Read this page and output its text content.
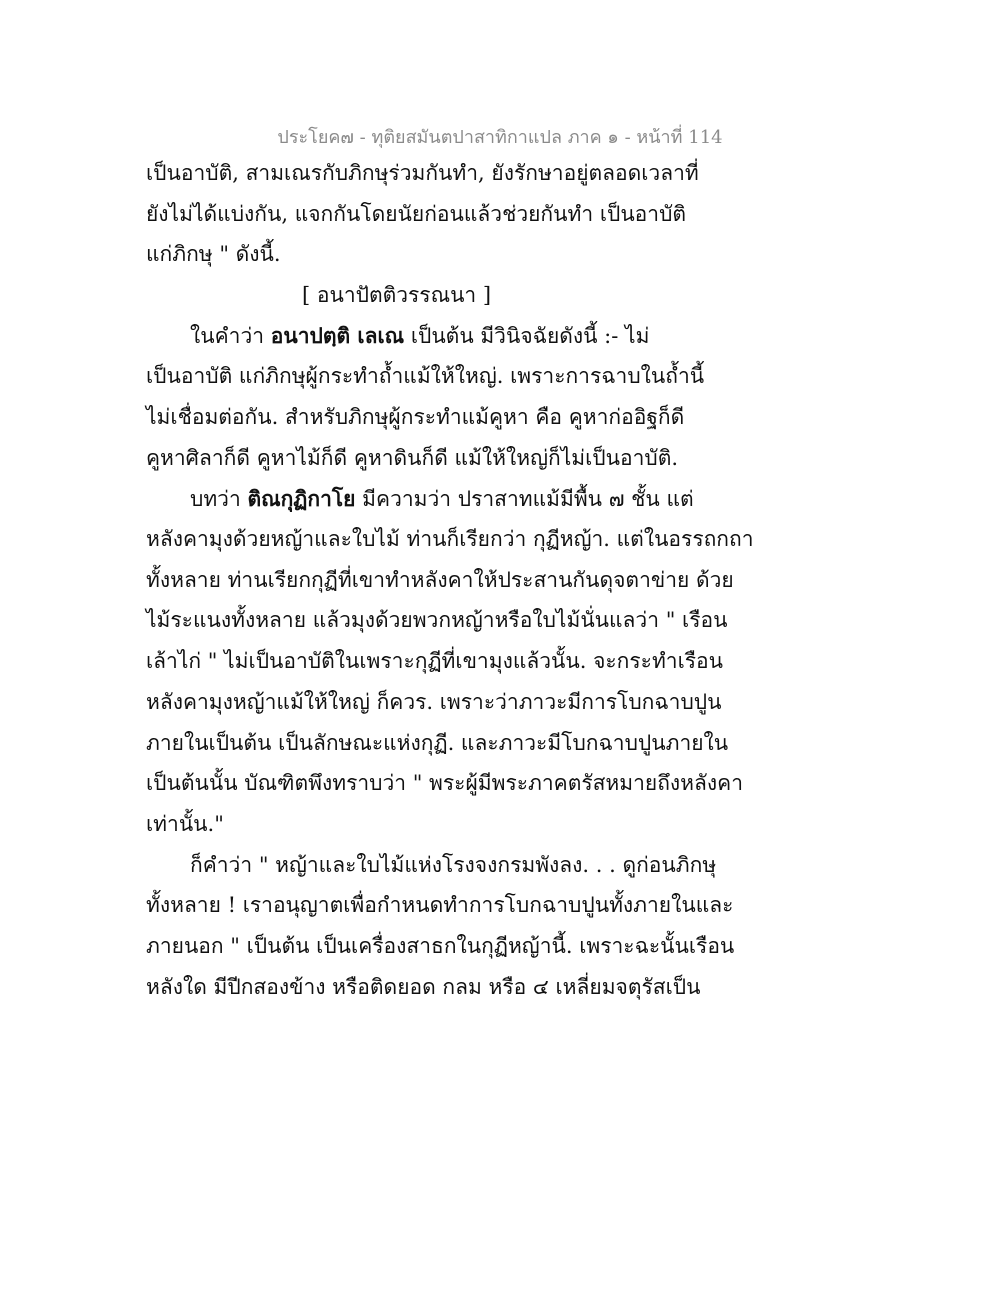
ประโยค๗ - ทุติยสมันตปาสาทิกาแปล ภาค ๑ - หน้าที่ 114
เป็นอาบัติ, สามเณรกับภิกษุร่วมกันทำ, ยังรักษาอยู่ตลอดเวลาที่
ยังไม่ได้แบ่งกัน, แจกกันโดยนัยก่อนแล้วช่วยกันทำ เป็นอาบัติ
แก่ภิกษุ " ดังนี้.
[ อนาปัตติวรรณนา ]
ในคำว่า อนาปตฺติ เลเณ เป็นต้น มีวินิจฉัยดังนี้ :- ไม่
เป็นอาบัติ แก่ภิกษุผู้กระทำถ้ำแม้ให้ใหญ่. เพราะการฉาบในถ้ำนี้
ไม่เชื่อมต่อกัน. สำหรับภิกษุผู้กระทำแม้คูหา คือ คูหาก่ออิฐก็ดี
คูหาศิลาก็ดี คูหาไม้ก็ดี คูหาดินก็ดี แม้ให้ใหญ่ก็ไม่เป็นอาบัติ.
บทว่า ติณกุฏิกาโย มีความว่า ปราสาทแม้มีพื้น ๗ ชั้น แต่
หลังคามุงด้วยหญ้าและใบไม้ ท่านก็เรียกว่า กุฏีหญ้า. แต่ในอรรถกถา
ทั้งหลาย ท่านเรียกกุฏีที่เขาทำหลังคาให้ประสานกันดุจตาข่าย ด้วย
ไม้ระแนงทั้งหลาย แล้วมุงด้วยพวกหญ้าหรือใบไม้นั่นแลว่า " เรือน
เล้าไก่ " ไม่เป็นอาบัติในเพราะกุฏีที่เขามุงแล้วนั้น. จะกระทำเรือน
หลังคามุงหญ้าแม้ให้ใหญ่ ก็ควร. เพราะว่าภาวะมีการโบกฉาบปูน
ภายในเป็นต้น เป็นลักษณะแห่งกุฏี. และภาวะมีโบกฉาบปูนภายใน
เป็นต้นนั้น บัณฑิตพึงทราบว่า " พระผู้มีพระภาคตรัสหมายถึงหลังคา
เท่านั้น."
ก็คำว่า " หญ้าและใบไม้แห่งโรงจงกรมพังลง. . . ดูก่อนภิกษุ
ทั้งหลาย ! เราอนุญาตเพื่อกำหนดทำการโบกฉาบปูนทั้งภายในและ
ภายนอก " เป็นต้น เป็นเครื่องสาธกในกุฏีหญ้านี้. เพราะฉะนั้นเรือน
หลังใด มีปีกสองข้าง หรือติดยอด กลม หรือ ๔ เหลี่ยมจตุรัสเป็น
